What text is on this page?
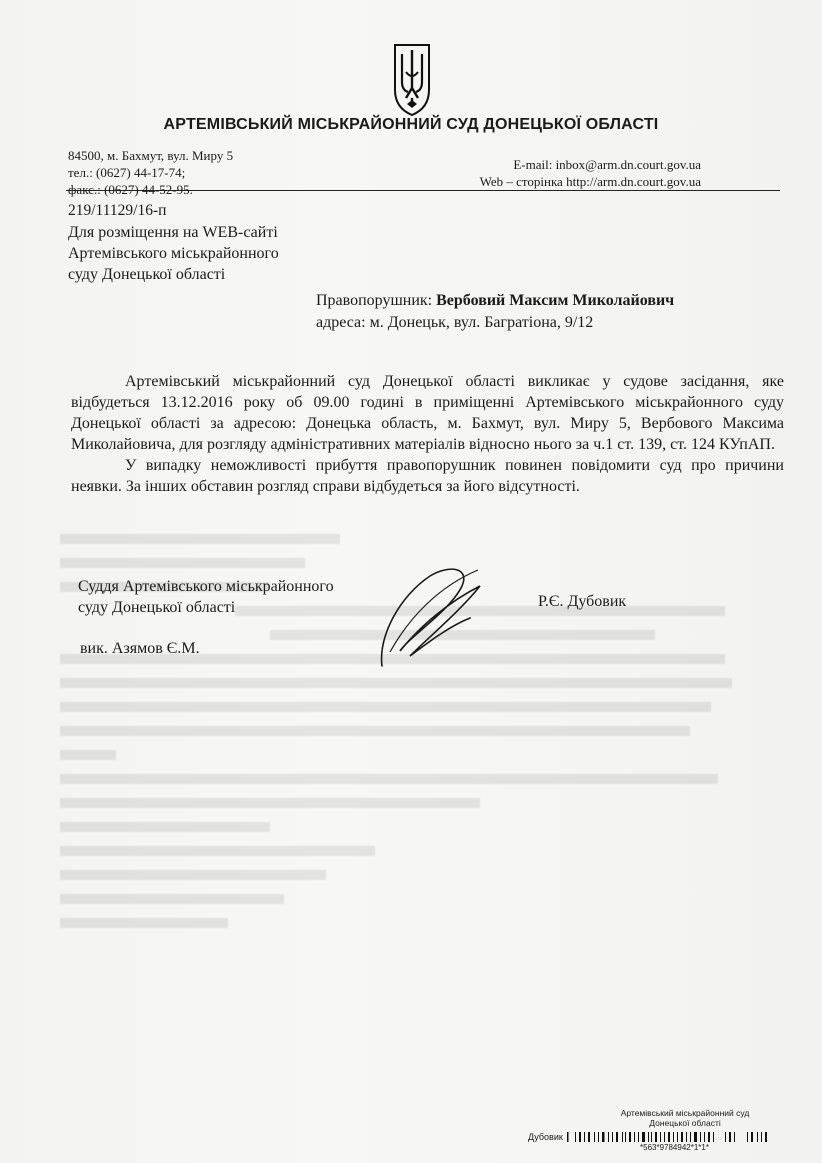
АРТЕМІВСЬКИЙ МІСЬКРАЙОННИЙ СУД ДОНЕЦЬКОЇ ОБЛАСТІ
84500, м. Бахмут, вул. Миру 5
тел.: (0627) 44-17-74;
факс.: (0627) 44-52-95.
E-mail: inbox@arm.dn.court.gov.ua
Web – сторінка http://arm.dn.court.gov.ua
219/11129/16-п
Для розміщення на WEB-сайті
Артемівського міськрайонного
суду Донецької області
Правопорушник: Вербовий Максим Миколайович
адреса: м. Донецьк, вул. Багратіона, 9/12

Артемівський міськрайонний суд Донецької області викликає у судове засідання, яке відбудеться 13.12.2016 року об 09.00 годині в приміщенні Артемівського міськрайонного суду Донецької області за адресою: Донецька область, м. Бахмут, вул. Миру 5, Вербового Максима Миколайовича, для розгляду адміністративних матеріалів відносно нього за ч.1 ст. 139, ст. 124 КУпАП.

У випадку неможливості прибуття правопорушник повинен повідомити суд про причини неявки. За інших обставин розгляд справи відбудеться за його відсутності.

Суддя Артемівського міськрайонного
суду Донецької області	Р.Є. Дубовик
вик. Азямов Є.М.
Артемівський міськрайонний суд
Донецької області
Дубовик
*563*9784942*1*1*
